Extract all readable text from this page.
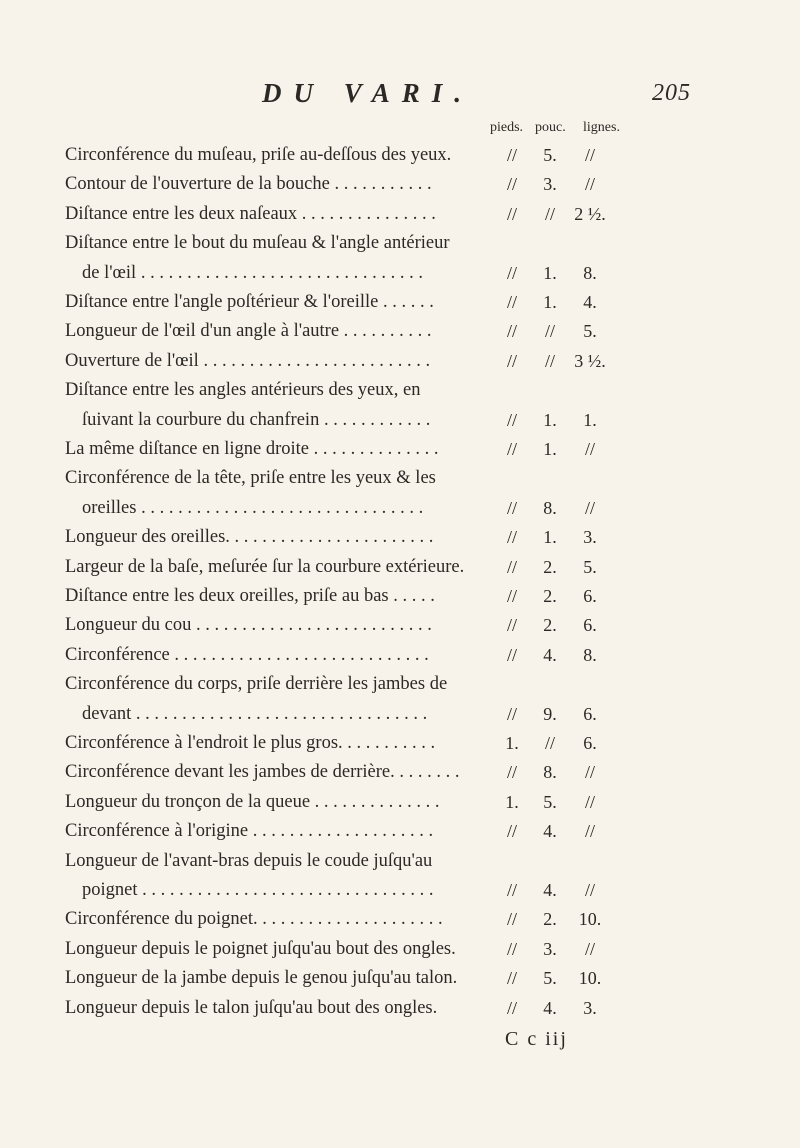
DU VARI.	205
pieds. pouc. lignes.
Circonférence du muſeau, priſe au-deſſous des yeux.	//	5.	//
Contour de l'ouverture de la bouche . . . . . . . . . . .	//	3.	//
Diſtance entre les deux naſeaux . . . . . . . . . . . . . . .	//	//	2 ½.
Diſtance entre le bout du muſeau & l'angle antérieur
de l'œil . . . . . . . . . . . . . . . . . . . . . . . . . . . . . . .	//	1.	8.
Diſtance entre l'angle poſtérieur & l'oreille . . . . . .	//	1.	4.
Longueur de l'œil d'un angle à l'autre . . . . . . . . . .	//	//	5.
Ouverture de l'œil . . . . . . . . . . . . . . . . . . . . . . . . .	//	//	3 ½.
Diſtance entre les angles antérieurs des yeux, en
ſuivant la courbure du chanfrein . . . . . . . . . . . .	//	1.	1.
La même diſtance en ligne droite . . . . . . . . . . . . . .	//	1.	//
Circonférence de la tête, priſe entre les yeux & les
oreilles . . . . . . . . . . . . . . . . . . . . . . . . . . . . . . .	//	8.	//
Longueur des oreilles. . . . . . . . . . . . . . . . . . . . . . .	//	1.	3.
Largeur de la baſe, meſurée ſur la courbure extérieure.	//	2.	5.
Diſtance entre les deux oreilles, priſe au bas . . . . .	//	2.	6.
Longueur du cou . . . . . . . . . . . . . . . . . . . . . . . . . .	//	2.	6.
Circonférence . . . . . . . . . . . . . . . . . . . . . . . . . . . .	//	4.	8.
Circonférence du corps, priſe derrière les jambes de
devant . . . . . . . . . . . . . . . . . . . . . . . . . . . . . . . .	//	9.	6.
Circonférence à l'endroit le plus gros. . . . . . . . . . .	1.	//	6.
Circonférence devant les jambes de derrière. . . . . . . .	//	8.	//
Longueur du tronçon de la queue . . . . . . . . . . . . . .	1.	5.	//
Circonférence à l'origine . . . . . . . . . . . . . . . . . . . .	//	4.	//
Longueur de l'avant-bras depuis le coude juſqu'au
poignet . . . . . . . . . . . . . . . . . . . . . . . . . . . . . . . .	//	4.	//
Circonférence du poignet. . . . . . . . . . . . . . . . . . . . .	//	2.	10.
Longueur depuis le poignet juſqu'au bout des ongles.	//	3.	//
Longueur de la jambe depuis le genou juſqu'au talon.	//	5.	10.
Longueur depuis le talon juſqu'au bout des ongles.	//	4.	3.
C c iij
